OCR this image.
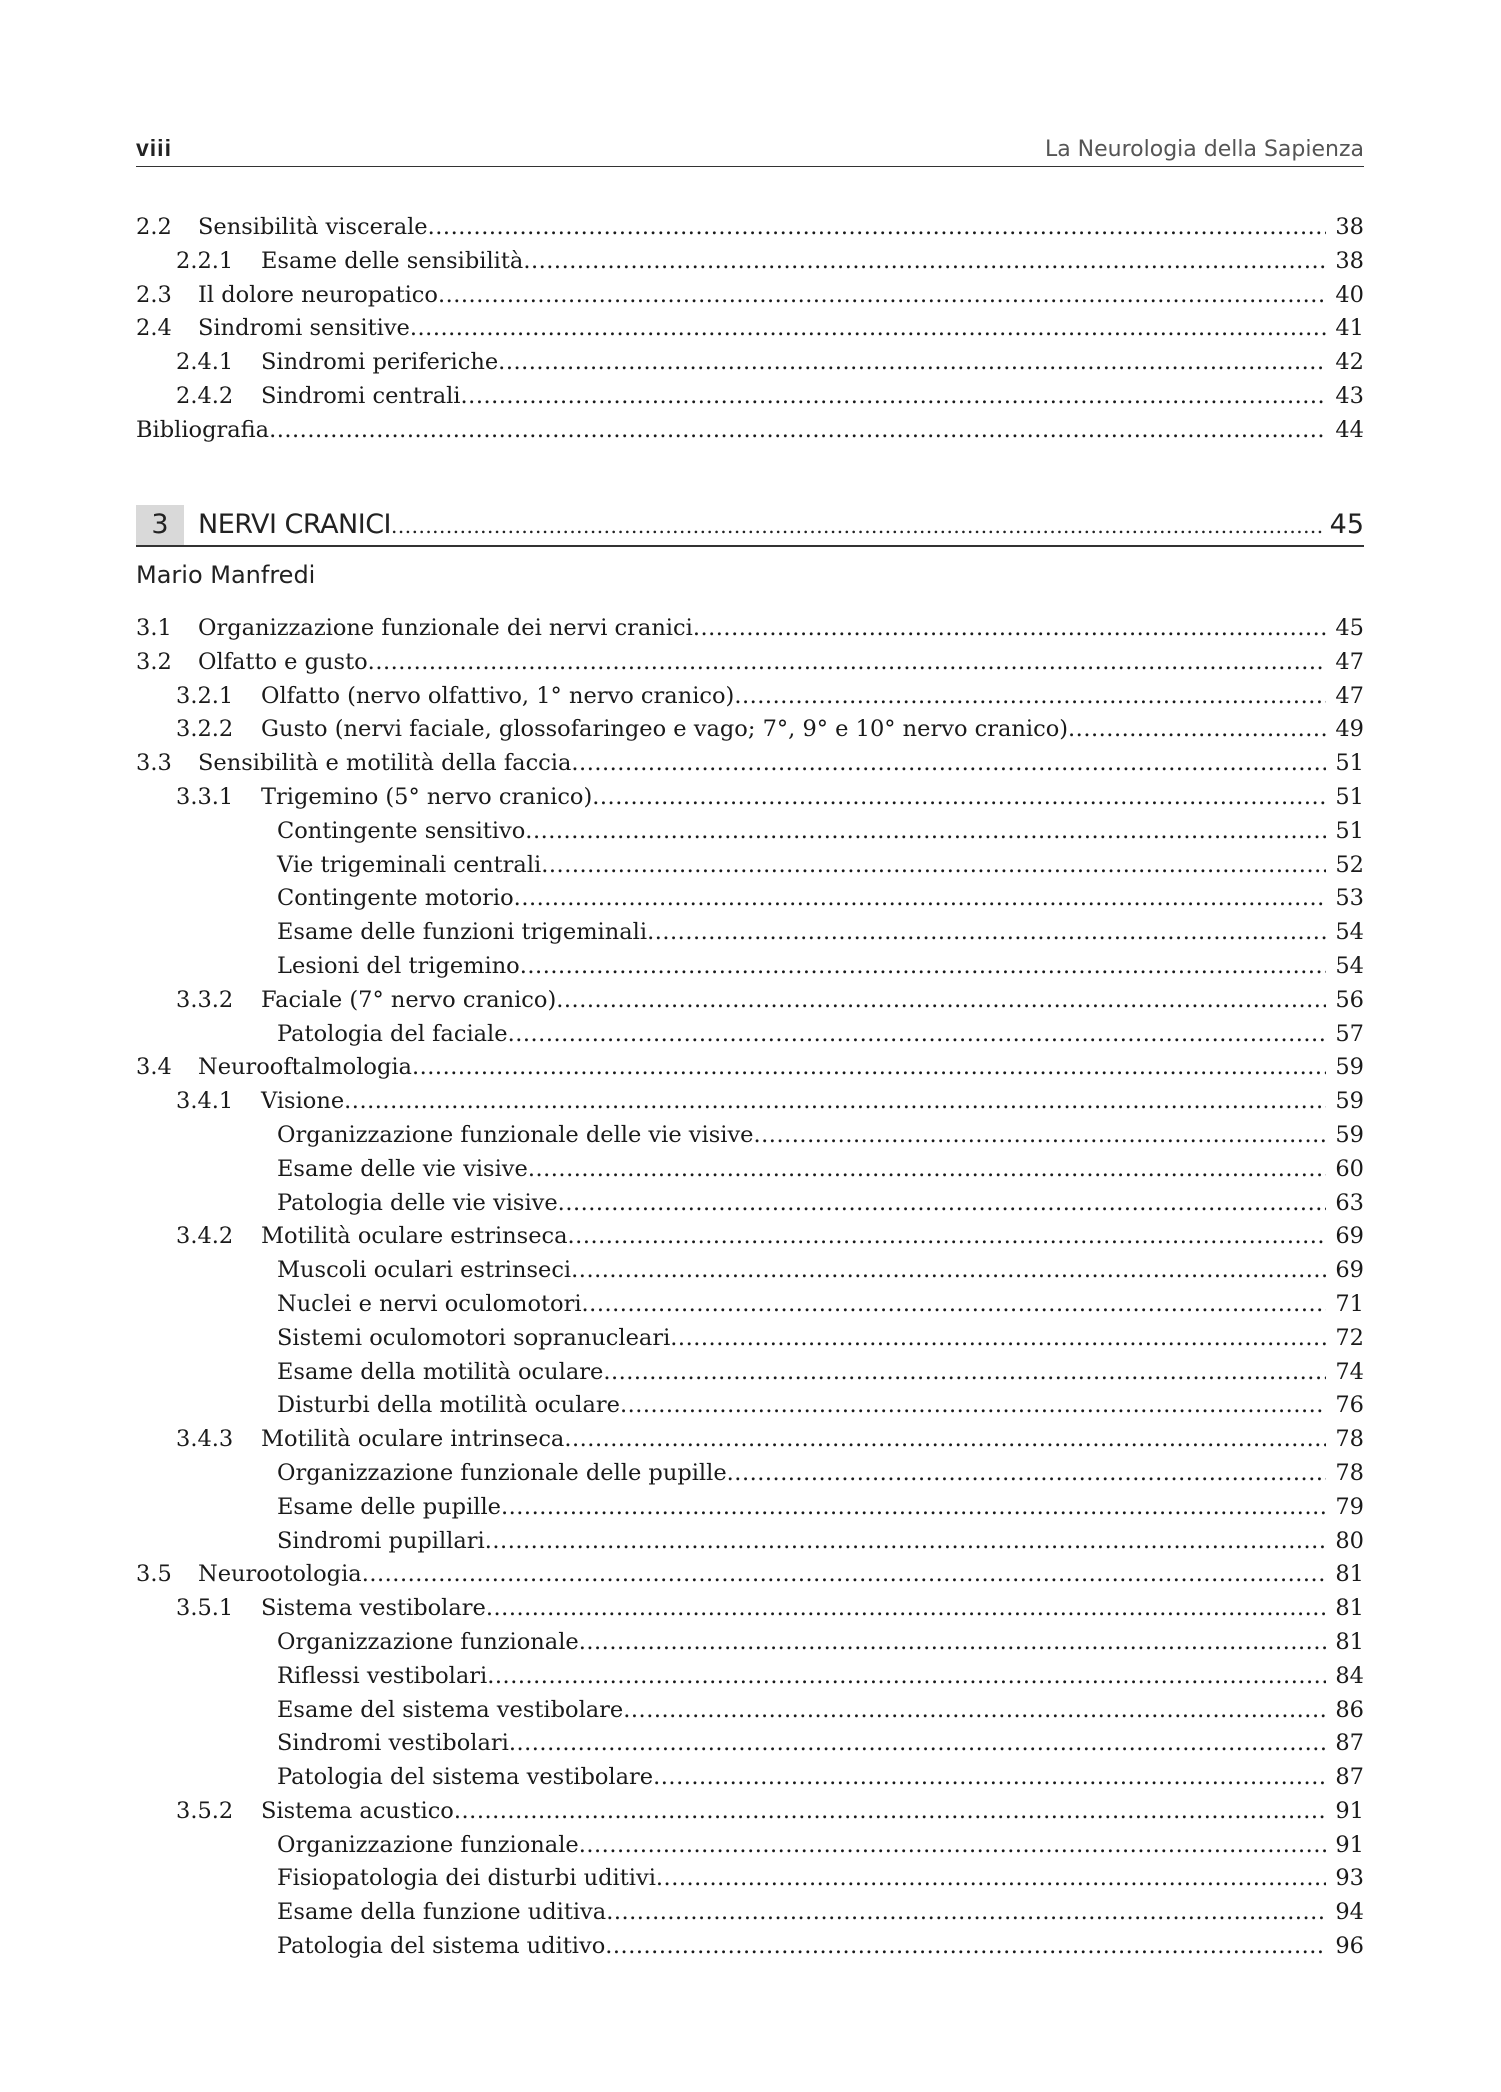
viii	La Neurologia della Sapienza
2.2 Sensibilità viscerale .....	38
2.2.1 Esame delle sensibilità .....	38
2.3 Il dolore neuropatico .....	40
2.4 Sindromi sensitive .....	41
2.4.1 Sindromi periferiche .....	42
2.4.2 Sindromi centrali .....	43
Bibliografia .....	44
3	NERVI CRANICI .....	45
Mario Manfredi
3.1 Organizzazione funzionale dei nervi cranici .....	45
3.2 Olfatto e gusto .....	47
3.2.1 Olfatto (nervo olfattivo, 1° nervo cranico) .....	47
3.2.2 Gusto (nervi faciale, glossofaringeo e vago; 7°, 9° e 10° nervo cranico) .....	49
3.3 Sensibilità e motilità della faccia .....	51
3.3.1 Trigemino (5° nervo cranico) .....	51
Contingente sensitivo .....	51
Vie trigeminali centrali .....	52
Contingente motorio .....	53
Esame delle funzioni trigeminali .....	54
Lesioni del trigemino .....	54
3.3.2 Faciale (7° nervo cranico) .....	56
Patologia del faciale .....	57
3.4 Neurooftalmologia .....	59
3.4.1 Visione .....	59
Organizzazione funzionale delle vie visive .....	59
Esame delle vie visive .....	60
Patologia delle vie visive .....	63
3.4.2 Motilità oculare estrinseca .....	69
Muscoli oculari estrinseci .....	69
Nuclei e nervi oculomotori .....	71
Sistemi oculomotori sopranucleari .....	72
Esame della motilità oculare .....	74
Disturbi della motilità oculare .....	76
3.4.3 Motilità oculare intrinseca .....	78
Organizzazione funzionale delle pupille .....	78
Esame delle pupille .....	79
Sindromi pupillari .....	80
3.5 Neurootologia .....	81
3.5.1 Sistema vestibolare .....	81
Organizzazione funzionale .....	81
Riflessi vestibolari .....	84
Esame del sistema vestibolare .....	86
Sindromi vestibolari .....	87
Patologia del sistema vestibolare .....	87
3.5.2 Sistema acustico .....	91
Organizzazione funzionale .....	91
Fisiopatologia dei disturbi uditivi .....	93
Esame della funzione uditiva .....	94
Patologia del sistema uditivo .....	96
